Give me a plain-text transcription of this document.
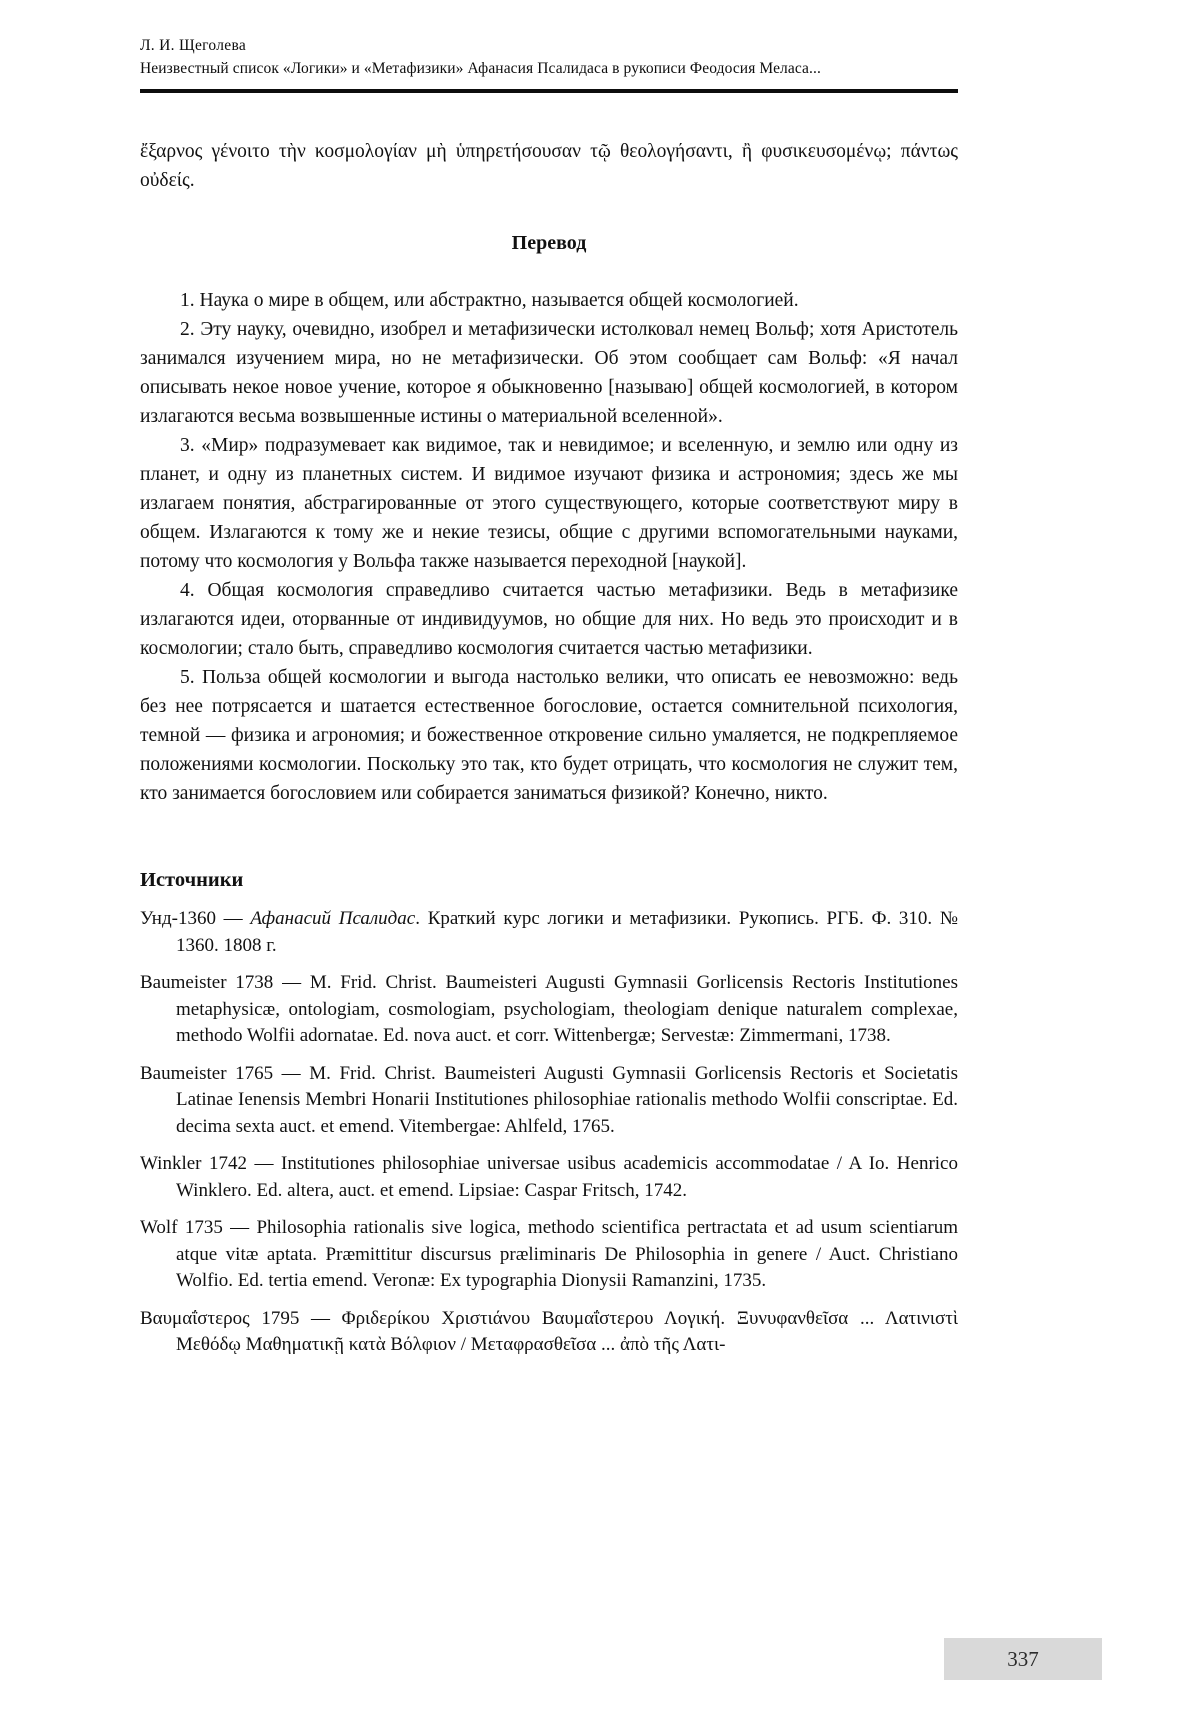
Л. И. Щеголева
Неизвестный список «Логики» и «Метафизики» Афанасия Псалидаса в рукописи Феодосия Меласа...

ἔξαρνος γένοιτο τὴν κοσμολογίαν μὴ ὑπηρετήσουσαν τῷ θεολογήσαντι, ἢ φυσικευσομένῳ; πάντως οὐδείς.

Перевод

1. Наука о мире в общем, или абстрактно, называется общей космологией.

2. Эту науку, очевидно, изобрел и метафизически истолковал немец Вольф; хотя Аристотель занимался изучением мира, но не метафизически. Об этом сообщает сам Вольф: «Я начал описывать некое новое учение, которое я обыкновенно [называю] общей космологией, в котором излагаются весьма возвышенные истины о материальной вселенной».

3. «Мир» подразумевает как видимое, так и невидимое; и вселенную, и землю или одну из планет, и одну из планетных систем. И видимое изучают физика и астрономия; здесь же мы излагаем понятия, абстрагированные от этого существующего, которые соответствуют миру в общем. Излагаются к тому же и некие тезисы, общие с другими вспомогательными науками, потому что космология у Вольфа также называется переходной [наукой].

4. Общая космология справедливо считается частью метафизики. Ведь в метафизике излагаются идеи, оторванные от индивидуумов, но общие для них. Но ведь это происходит и в космологии; стало быть, справедливо космология считается частью метафизики.

5. Польза общей космологии и выгода настолько велики, что описать ее невозможно: ведь без нее потрясается и шатается естественное богословие, остается сомнительной психология, темной — физика и агрономия; и божественное откровение сильно умаляется, не подкрепляемое положениями космологии. Поскольку это так, кто будет отрицать, что космология не служит тем, кто занимается богословием или собирается заниматься физикой? Конечно, никто.

Источники
Унд-1360 — Афанасий Псалидас. Краткий курс логики и метафизики. Рукопись. РГБ. Ф. 310. № 1360. 1808 г.
Baumeister 1738 — M. Frid. Christ. Baumeisteri Augusti Gymnasii Gorlicensis Rectoris Institutiones metaphysicæ, ontologiam, cosmologiam, psychologiam, theologiam denique naturalem complexae, methodo Wolfii adornatae. Ed. nova auct. et corr. Wittenbergæ; Servestæ: Zimmermani, 1738.
Baumeister 1765 — M. Frid. Christ. Baumeisteri Augusti Gymnasii Gorlicensis Rectoris et Societatis Latinae Ienensis Membri Honarii Institutiones philosophiae rationalis methodo Wolfii conscriptae. Ed. decima sexta auct. et emend. Vitembergae: Ahlfeld, 1765.
Winkler 1742 — Institutiones philosophiae universae usibus academicis accommodatae / A Io. Henrico Winklero. Ed. altera, auct. et emend. Lipsiae: Caspar Fritsch, 1742.
Wolf 1735 — Philosophia rationalis sive logica, methodo scientifica pertractata et ad usum scientiarum atque vitæ aptata. Præmittitur discursus præliminaris De Philosophia in genere / Auct. Christiano Wolfio. Ed. tertia emend. Veronæ: Ex typographia Dionysii Ramanzini, 1735.
Βαυμαΐστερος 1795 — Φριδερίκου Χριστιάνου Βαυμαΐστερου Λογική. Ξυνυφανθεῖσα ... Λατινιστὶ Μεθόδῳ Μαθηματικῇ κατὰ Βόλφιον / Μεταφρασθεῖσα ... ἀπὸ τῆς Λατι-
337
